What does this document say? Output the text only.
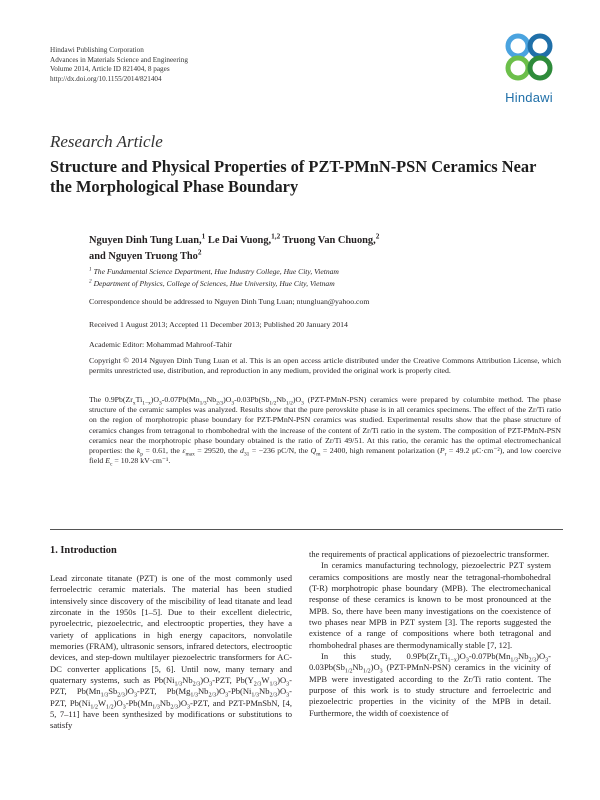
Hindawi Publishing Corporation
Advances in Materials Science and Engineering
Volume 2014, Article ID 821404, 8 pages
http://dx.doi.org/10.1155/2014/821404
Hindawi
Research Article
Structure and Physical Properties of PZT-PMnN-PSN Ceramics Near the Morphological Phase Boundary
Nguyen Dinh Tung Luan,$^1$ Le Dai Vuong,$^{1,2}$ Truong Van Chuong,$^2$
and Nguyen Truong Tho$^2$
$^1$ The Fundamental Science Department, Hue Industry College, Hue City, Vietnam
$^2$ Department of Physics, College of Sciences, Hue University, Hue City, Vietnam
Correspondence should be addressed to Nguyen Dinh Tung Luan; ntungluan@yahoo.com
Received 1 August 2013; Accepted 11 December 2013; Published 20 January 2014
Academic Editor: Mohammad Mahroof-Tahir
Copyright © 2014 Nguyen Dinh Tung Luan et al. This is an open access article distributed under the Creative Commons Attribution License, which permits unrestricted use, distribution, and reproduction in any medium, provided the original work is properly cited.
The $0.9Pb(Zr_xTi_{1-x})O_3-0.07Pb(Mn_{1/3}Nb_{2/3})O_3-0.03Pb(Sb_{1/2}Nb_{1/2})O_3$ (PZT-PMnN-PSN) ceramics were prepared by columbite method. The phase structure of the ceramic samples was analyzed. Results show that the pure perovskite phase is in all ceramics specimens. The effect of the Zr/Ti ratio on the region of morphotropic phase boundary for PZT-PMnN-PSN ceramics was studied. Experimental results show that the phase structure of ceramics changes from tetragonal to rhombohedral with the increase of the content of Zr/Ti ratio in the system. The composition of PZT-PMnN-PSN ceramics near the morphotropic phase boundary obtained is the ratio of Zr/Ti 49/51. At this ratio, the ceramic has the optimal electromechanical properties: the $k_p = 0.61$, the $\varepsilon_{max} = 29520$, the $d_{31} = -236$ pC/N, the $Q_m = 2400$, high remanent polarization ($P_r = 49.2$ μC·cm⁻²), and low coercive field $E_c = 10.28$ kV·cm⁻¹.
1. Introduction

Lead zirconate titanate (PZT) is one of the most commonly used ferroelectric ceramic materials. The material has been studied intensively since discovery of the miscibility of lead titanate and lead zirconate in the 1950s [1–5]. Due to their excellent dielectric, pyroelectric, piezoelectric, and electrooptic properties, they have a variety of applications in high energy capacitors, nonvolatile memories (FRAM), ultrasonic sensors, infrared detectors, electrooptic devices, and step-down multilayer piezoelectric transformers for AC-DC converter applications [5, 6]. Until now, many ternary and quaternary systems, such as $Pb(Ni_{1/3}Nb_{2/3})O_3$-PZT, $Pb(Y_{2/3}W_{1/3})O_3$-PZT, $Pb(Mn_{1/3}Sb_{2/3})O_3$-PZT, $Pb(Mg_{1/3}Nb_{2/3})O_3-Pb(Ni_{1/3}Nb_{2/3})O_3$-PZT, $Pb(Ni_{1/2}W_{1/2})O_3-Pb(Mn_{1/3}Nb_{2/3})O_3$-PZT, and PZT-PMnSbN, [4, 5, 7–11] have been synthesized by modifications or substitutions to satisfy

the requirements of practical applications of piezoelectric transformer.

In ceramics manufacturing technology, piezoelectric PZT system ceramics compositions are mostly near the tetragonal-rhombohedral (T-R) morphotropic phase boundary (MPB). The electromechanical response of these ceramics is known to be most pronounced at the MPB. So, there have been many investigations on the coexistence of two phases near MPB in PZT system [3]. The reports suggested the existence of a range of compositions where both tetragonal and rhombohedral phases are thermodynamically stable [7, 12].

In this study, $0.9Pb(Zr_xTi_{1-x})O_3-0.07Pb(Mn_{1/3}Nb_{2/3})O_3-0.03Pb(Sb_{1/2}Nb_{1/2})O_3$ (PZT-PMnN-PSN) ceramics in the vicinity of MPB were investigated according to the Zr/Ti ratio content. The purpose of this work is to study structure and ferroelectric and piezoelectric properties in the vicinity of the MPB in detail. Furthermore, the width of coexistence of
